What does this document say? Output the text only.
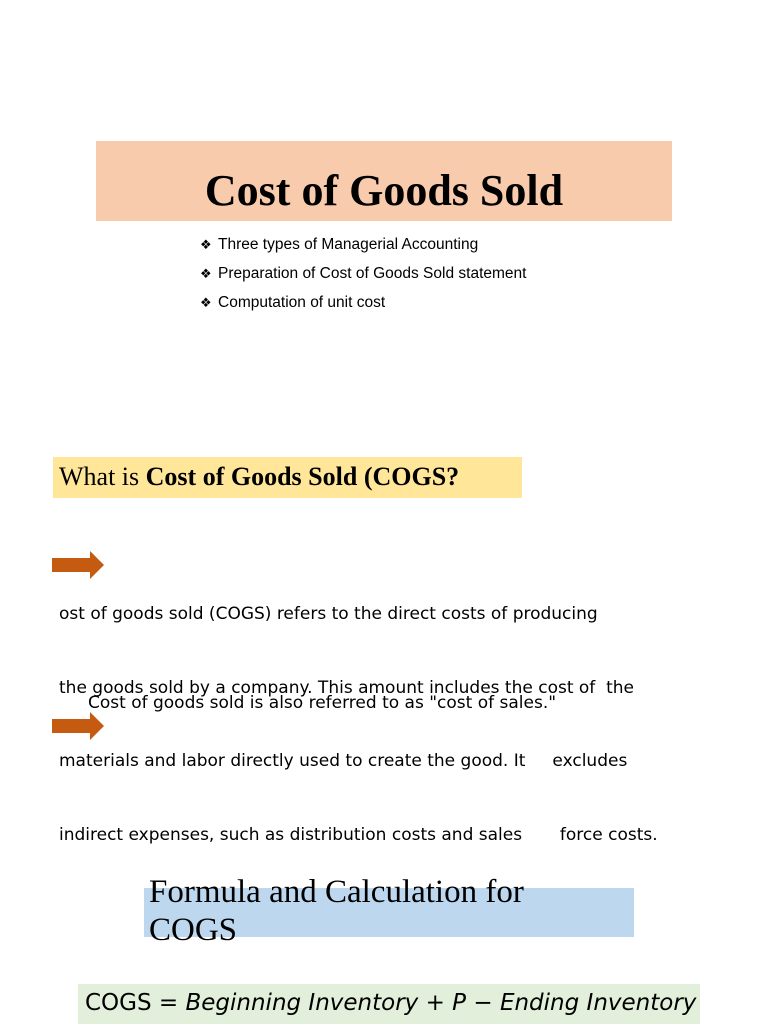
Cost of Goods Sold
❖ Three types of Managerial Accounting
❖ Preparation of Cost of Goods Sold statement
❖ Computation of unit cost
What is Cost of Goods Sold (COGS?

ost of goods sold (COGS) refers to the direct costs of producing

the goods sold by a company. This amount includes the cost of  the

materials and labor directly used to create the good. It     excludes

indirect expenses, such as distribution costs and sales       force costs.

Cost of goods sold is also referred to as "cost of sales."
Formula and Calculation for
COGS
COGS = Beginning Inventory + P − Ending Inventory
